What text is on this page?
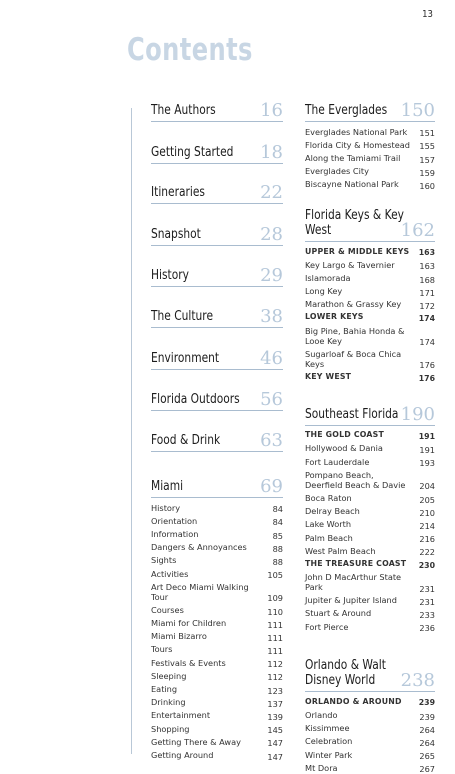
13
Contents
The Authors 16
Getting Started 18
Itineraries	22
Snapshot	28
History	29
The Culture	38
Environment 46
Florida Outdoors 56
Food & Drink 63
Miami	69
History	84
Orientation	84
Information	85
Dangers & Annoyances	88
Sights	88
Activities	105
Art Deco Miami Walking Tour	109
Courses	110
Miami for Children	111
Miami Bizarro	111
Tours	111
Festivals & Events	112
Sleeping	112
Eating	123
Drinking	137
Entertainment	139
Shopping	145
Getting There & Away	147
Getting Around	147
The Everglades 150
Everglades National Park	151
Florida City & Homestead	155
Along the Tamiami Trail	157
Everglades City	159
Biscayne National Park	160
Florida Keys & Key West	162
UPPER & MIDDLE KEYS	163
Key Largo & Tavernier	163
Islamorada	168
Long Key	171
Marathon & Grassy Key	172
LOWER KEYS	174
Big Pine, Bahia Honda & Looe Key	174
Sugarloaf & Boca Chica Keys	176
KEY WEST	176
Southeast Florida 190
THE GOLD COAST	191
Hollywood & Dania	191
Fort Lauderdale	193
Pompano Beach, Deerfield Beach & Davie	204
Boca Raton	205
Delray Beach	210
Lake Worth	214
Palm Beach	216
West Palm Beach	222
THE TREASURE COAST	230
John D MacArthur State Park	231
Jupiter & Jupiter Island	231
Stuart & Around	233
Fort Pierce	236
Orlando & Walt Disney World 238
ORLANDO & AROUND	239
Orlando	239
Kissimmee	264
Celebration	264
Winter Park	265
Mt Dora	267
